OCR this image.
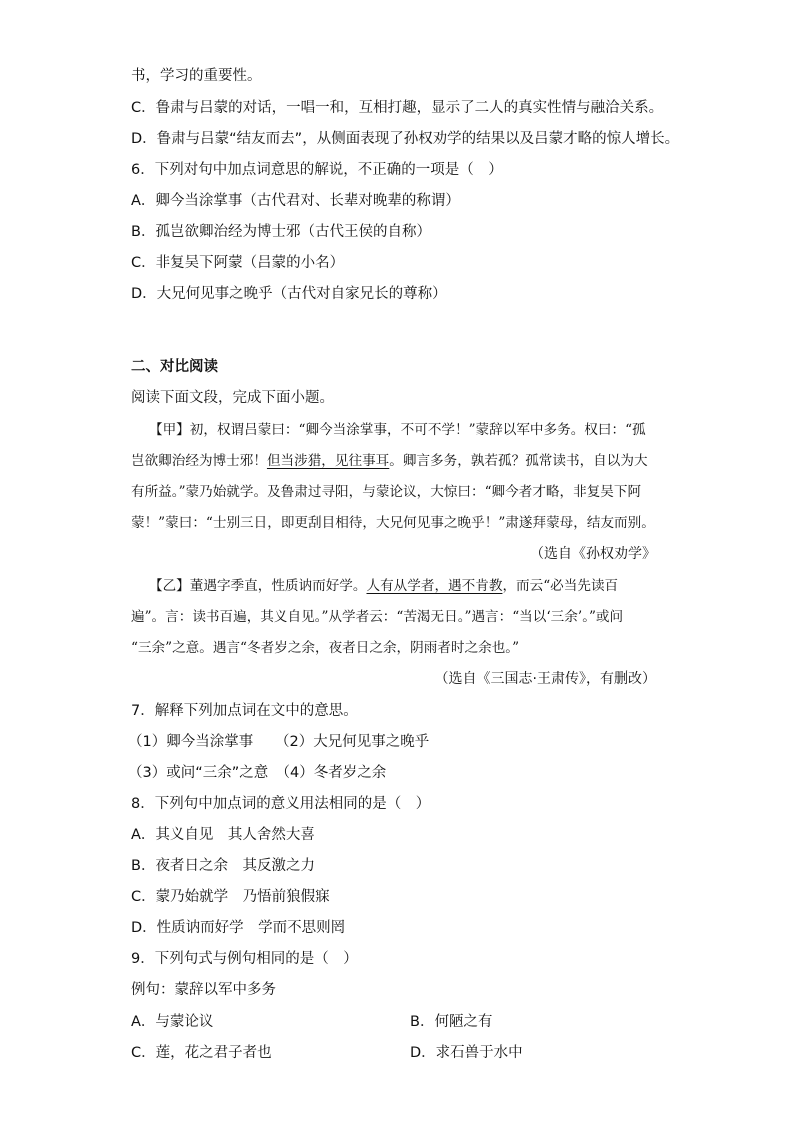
书，学习的重要性。
C．鲁肃与吕蒙的对话，一唱一和，互相打趣，显示了二人的真实性情与融洽关系。
D．鲁肃与吕蒙“结友而去”，从侧面表现了孙权劝学的结果以及吕蒙才略的惊人增长。
6．下列对句中加点词意思的解说，不正确的一项是（　）
A．卿今当涂掌事（古代君对、长辈对晚辈的称谓）
B．孤岂欲卿治经为博士邪（古代王侯的自称）
C．非复吴下阿蒙（吕蒙的小名）
D．大兄何见事之晚乎（古代对自家兄长的尊称）
二、对比阅读
阅读下面文段，完成下面小题。
【甲】初，权谓吕蒙曰：“卿今当涂掌事，不可不学！”蒙辞以军中多务。权曰：“孤
岂欲卿治经为博士邪！但当涉猎，见往事耳。卿言多务，孰若孤？孤常读书，自以为大
有所益。”蒙乃始就学。及鲁肃过寻阳，与蒙论议，大惊曰：“卿今者才略，非复吴下阿
蒙！”蒙曰：“士别三日，即更刮目相待，大兄何见事之晚乎！”肃遂拜蒙母，结友而别。
（选自《孙权劝学》
【乙】董遇字季直，性质讷而好学。人有从学者，遇不肯教，而云“必当先读百
遍”。言：读书百遍，其义自见。”从学者云：“苦渴无日。”遇言：“当以‘三余’。”或问
“三余”之意。遇言“冬者岁之余，夜者日之余，阴雨者时之余也。”
（选自《三国志·王肃传》，有删改）
7．解释下列加点词在文中的意思。
（1）卿今当涂掌事　　（2）大兄何见事之晚乎
（3）或问“三余”之意　（4）冬者岁之余
8．下列句中加点词的意义用法相同的是（　）
A．其义自见　其人舍然大喜
B．夜者日之余　其反激之力
C．蒙乃始就学　乃悟前狼假寐
D．性质讷而好学　学而不思则罔
9．下列句式与例句相同的是（　）
例句：蒙辞以军中多务
A．与蒙论议	B．何陋之有
C．莲，花之君子者也	D．求石兽于水中
